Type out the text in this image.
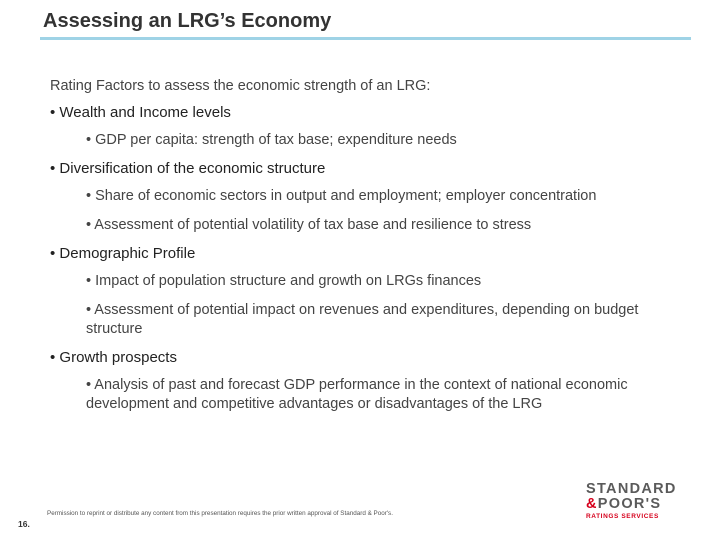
Assessing an LRG’s Economy
Rating Factors to assess the economic strength of an LRG:
• Wealth and Income levels
• GDP per capita: strength of tax base; expenditure needs
• Diversification of the economic structure
• Share of economic sectors in output and employment; employer concentration
• Assessment of potential volatility of tax base and resilience to stress
• Demographic Profile
• Impact of population structure and growth on LRGs finances
• Assessment of potential impact on revenues and expenditures, depending on budget structure
• Growth prospects
• Analysis of past and forecast GDP performance in the context of national economic development and competitive advantages or disadvantages of the LRG
STANDARD
&POOR'S
RATINGS SERVICES
Permission to reprint or distribute any content from this presentation requires the prior written approval of Standard & Poor's.
16.
